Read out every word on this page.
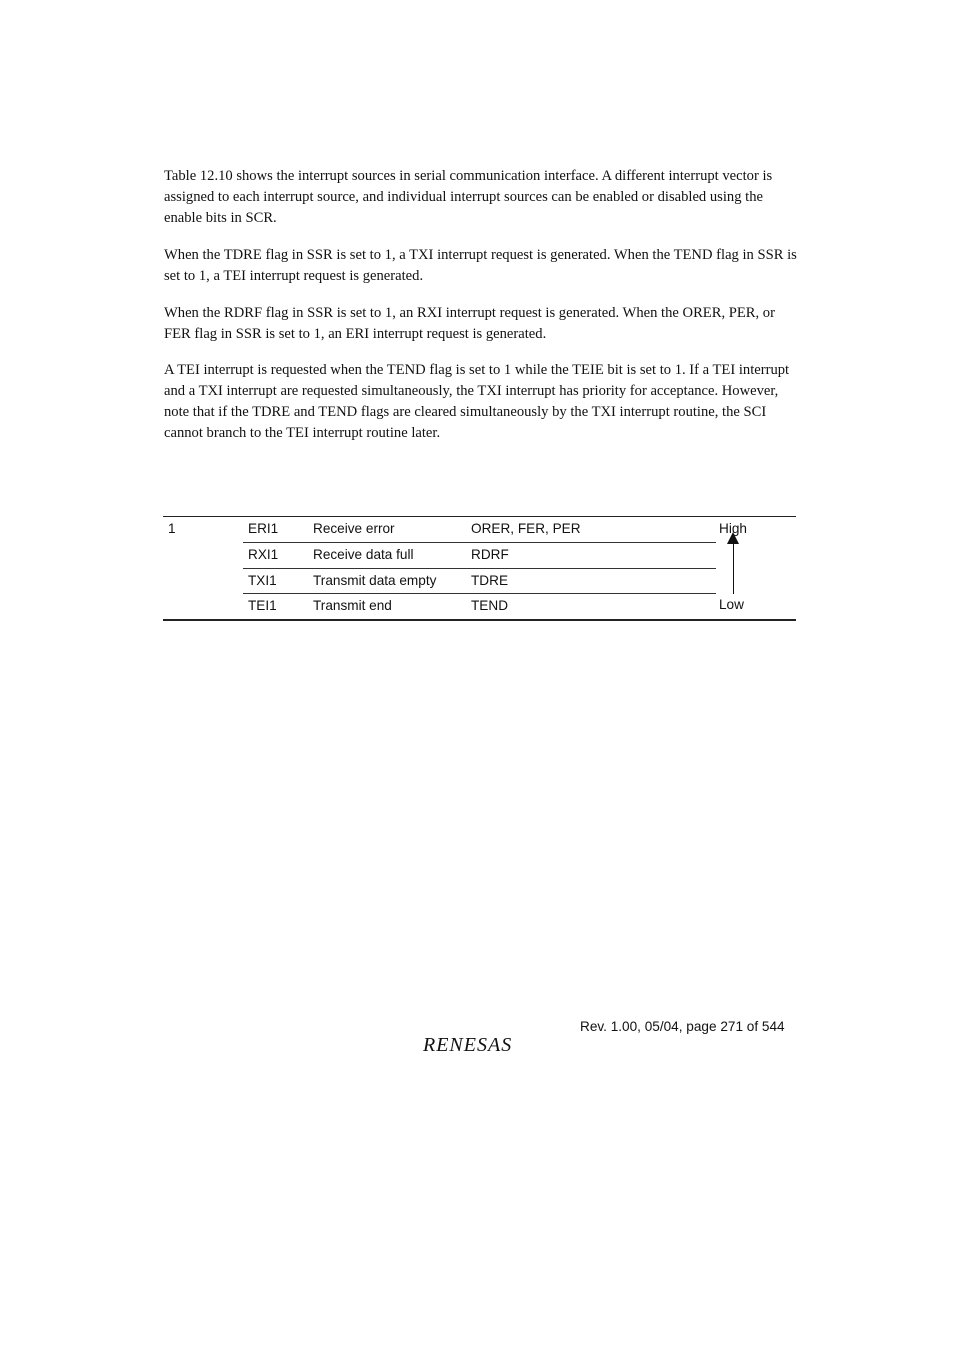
Table 12.10 shows the interrupt sources in serial communication interface. A different interrupt vector is assigned to each interrupt source, and individual interrupt sources can be enabled or disabled using the enable bits in SCR.

When the TDRE flag in SSR is set to 1, a TXI interrupt request is generated. When the TEND flag in SSR is set to 1, a TEI interrupt request is generated.

When the RDRF flag in SSR is set to 1, an RXI interrupt request is generated. When the ORER, PER, or FER flag in SSR is set to 1, an ERI interrupt request is generated.

A TEI interrupt is requested when the TEND flag is set to 1 while the TEIE bit is set to 1. If a TEI interrupt and a TXI interrupt are requested simultaneously, the TXI interrupt has priority for acceptance. However, note that if the TDRE and TEND flags are cleared simultaneously by the TXI interrupt routine, the SCI cannot branch to the TEI interrupt routine later.

1	ERI1	Receive error	ORER, FER, PER
RXI1	Receive data full	RDRF
TXI1	Transmit data empty	TDRE
TEI1	Transmit end	TEND
High
Low
Rev. 1.00, 05/04, page 271 of 544
RENESAS
